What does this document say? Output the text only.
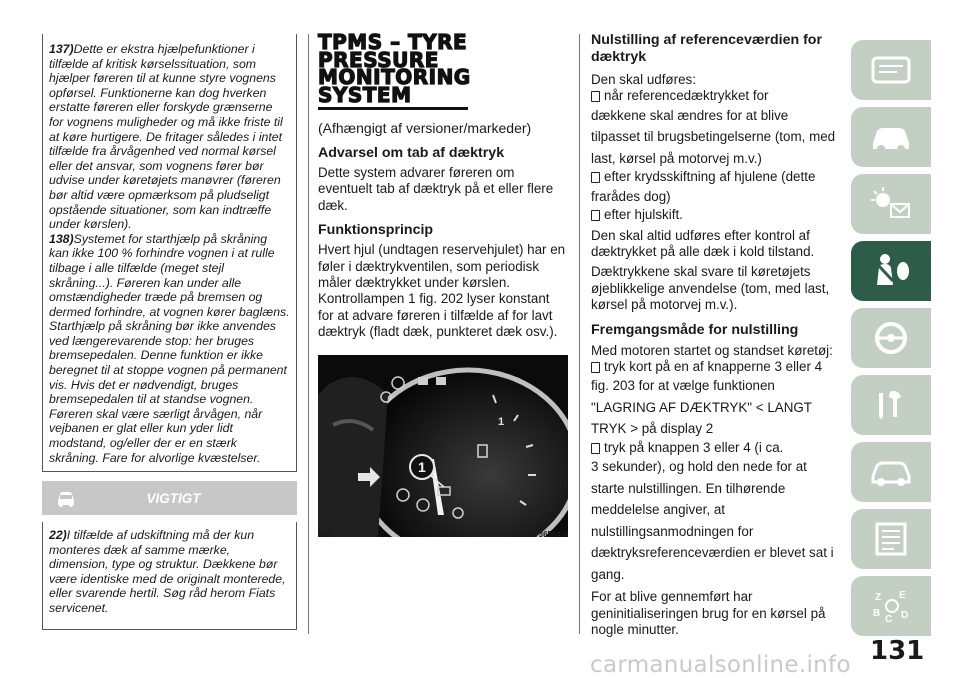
137)Dette er ekstra hjælpefunktioner i tilfælde af kritisk kørselssituation, som hjælper føreren til at kunne styre vognens opførsel. Funktionerne kan dog hverken erstatte føreren eller forskyde grænserne for vognens muligheder og må ikke friste til at køre hurtigere. De fritager således i intet tilfælde fra årvågenhed ved normal kørsel eller det ansvar, som vognens fører bør udvise under køretøjets manøvrer (føreren bør altid være opmærksom på pludseligt opstående situationer, som kan indtræffe under kørslen).

138)Systemet for starthjælp på skråning kan ikke 100 % forhindre vognen i at rulle tilbage i alle tilfælde (meget stejl skråning...). Føreren kan under alle omstændigheder træde på bremsen og dermed forhindre, at vognen kører baglæns. Starthjælp på skråning bør ikke anvendes ved længerevarende stop: her bruges bremsepedalen. Denne funktion er ikke beregnet til at stoppe vognen på permanent vis. Hvis det er nødvendigt, bruges bremsepedalen til at standse vognen. Føreren skal være særligt årvågen, når vejbanen er glat eller kun yder lidt modstand, og/eller der er en stærk skråning. Fare for alvorlige kvæstelser.

VIGTIGT

22)I tilfælde af udskiftning må der kun monteres dæk af samme mærke, dimension, type og struktur. Dækkene bør være identiske med de originalt monterede, eller svarende hertil. Søg råd herom Fiats servicenet.

TPMS – TYRE
PRESSURE
MONITORING
SYSTEM
(Afhængigt af versioner/markeder)
Advarsel om tab af dæktryk
Dette system advarer føreren om eventuelt tab af dæktryk på et eller flere dæk.
Funktionsprincip
Hvert hjul (undtagen reservehjulet) har en føler i dæktrykventilen, som periodisk måler dæktrykket under kørslen. Kontrollampen 1 fig. 202 lyser konstant for at advare føreren i tilfælde af for lavt dæktryk (fladt dæk, punkteret dæk osv.).
1
1
202	T36504-4
Nulstilling af referenceværdien for dæktryk
Den skal udføres:
når referencedæktrykket for
dækkene skal ændres for at blive tilpasset til brugsbetingelserne (tom, med last, kørsel på motorvej m.v.)
efter krydsskiftning af hjulene (dette
frarådes dog)
efter hjulskift.
Den skal altid udføres efter kontrol af dæktrykket på alle dæk i kold tilstand.
Dæktrykkene skal svare til køretøjets øjeblikkelige anvendelse (tom, med last, kørsel på motorvej m.v.).
Fremgangsmåde for nulstilling
Med motoren startet og standset køretøj:
tryk kort på en af knapperne 3 eller 4
fig. 203 for at vælge funktionen "LAGRING AF DÆKTRYK" < LANGT TRYK > på display 2
tryk på knappen 3 eller 4 (i ca.
3 sekunder), og hold den nede for at starte nulstillingen. En tilhørende meddelelse angiver, at nulstillingsanmodningen for dæktryksreferenceværdien er blevet sat i gang.
For at blive gennemført har geninitialiseringen brug for en kørsel på nogle minutter.
Z E
B
C D
131
carmanualsonline.info
